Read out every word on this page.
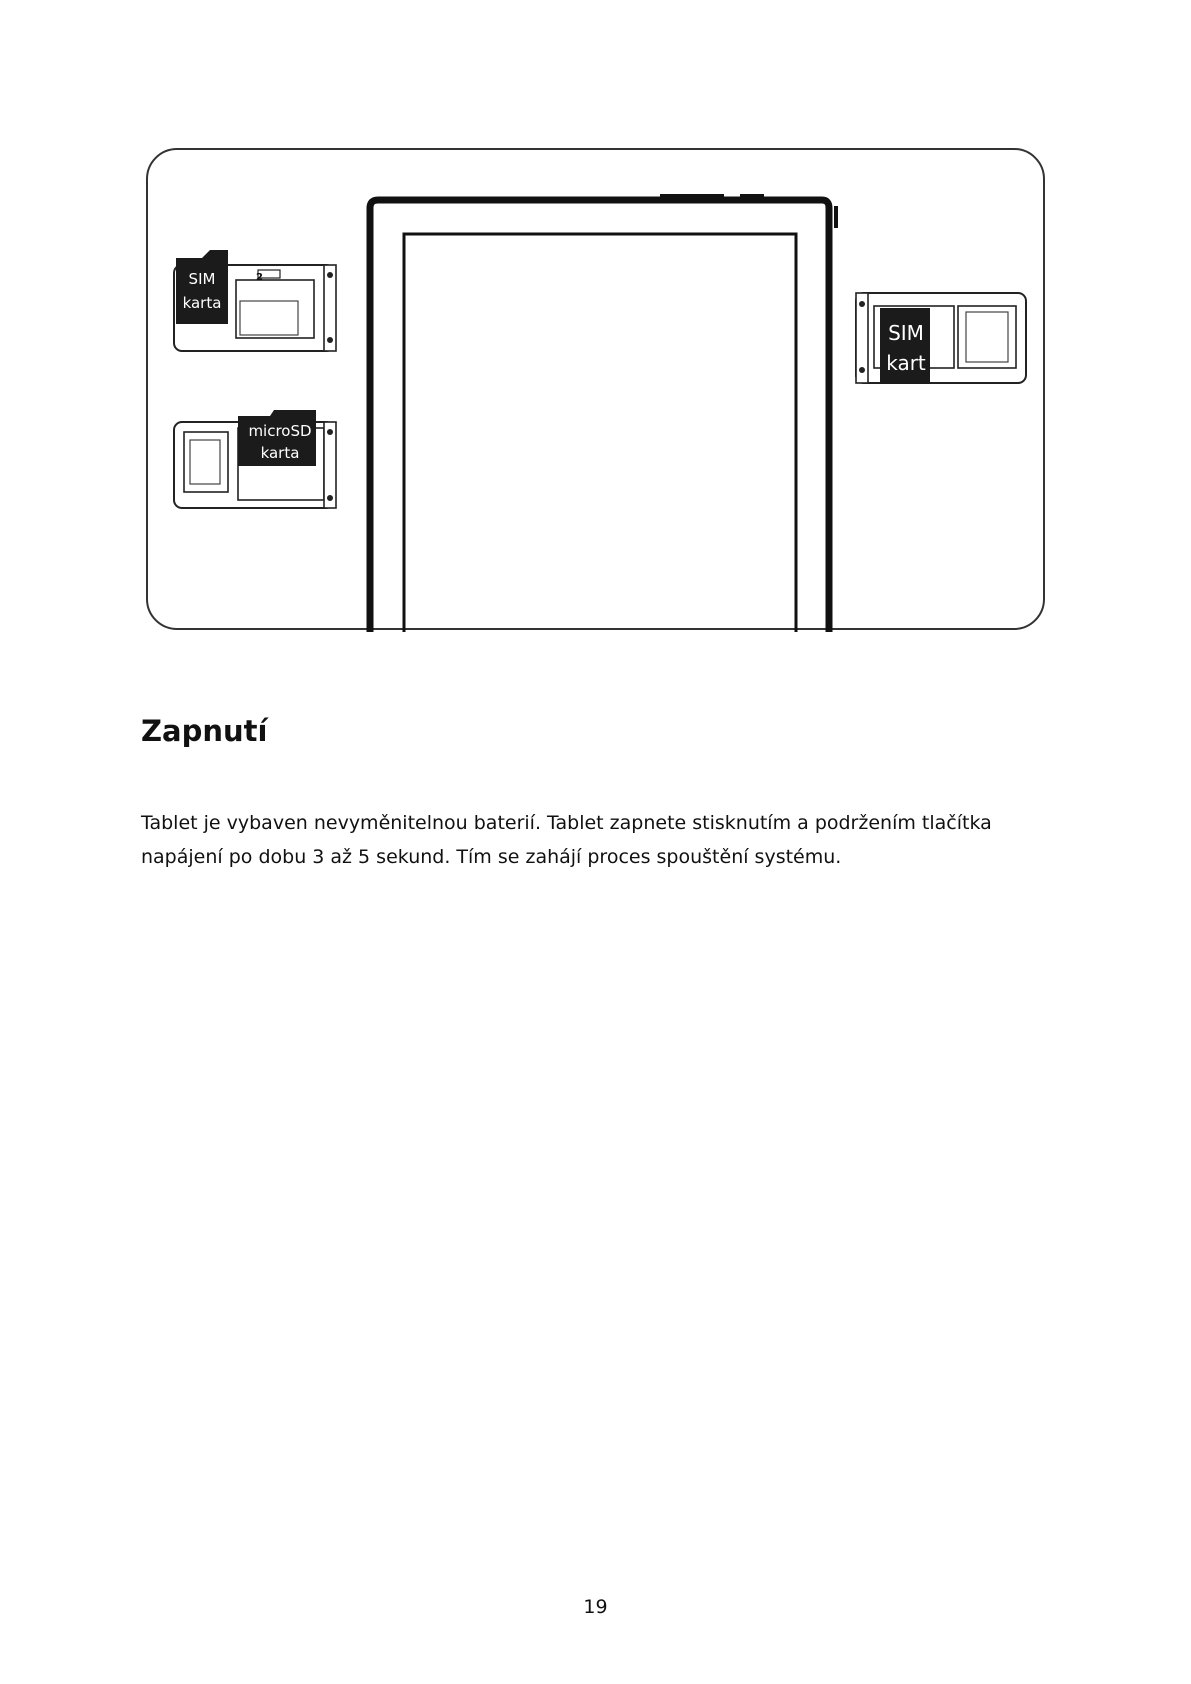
2
SIM
karta
microSD
karta
SIM
kart
Zapnutí

Tablet je vybaven nevyměnitelnou baterií. Tablet zapnete stisknutím a podržením tlačítka napájení po dobu 3 až 5 sekund. Tím se zahájí proces spouštění systému.

19
